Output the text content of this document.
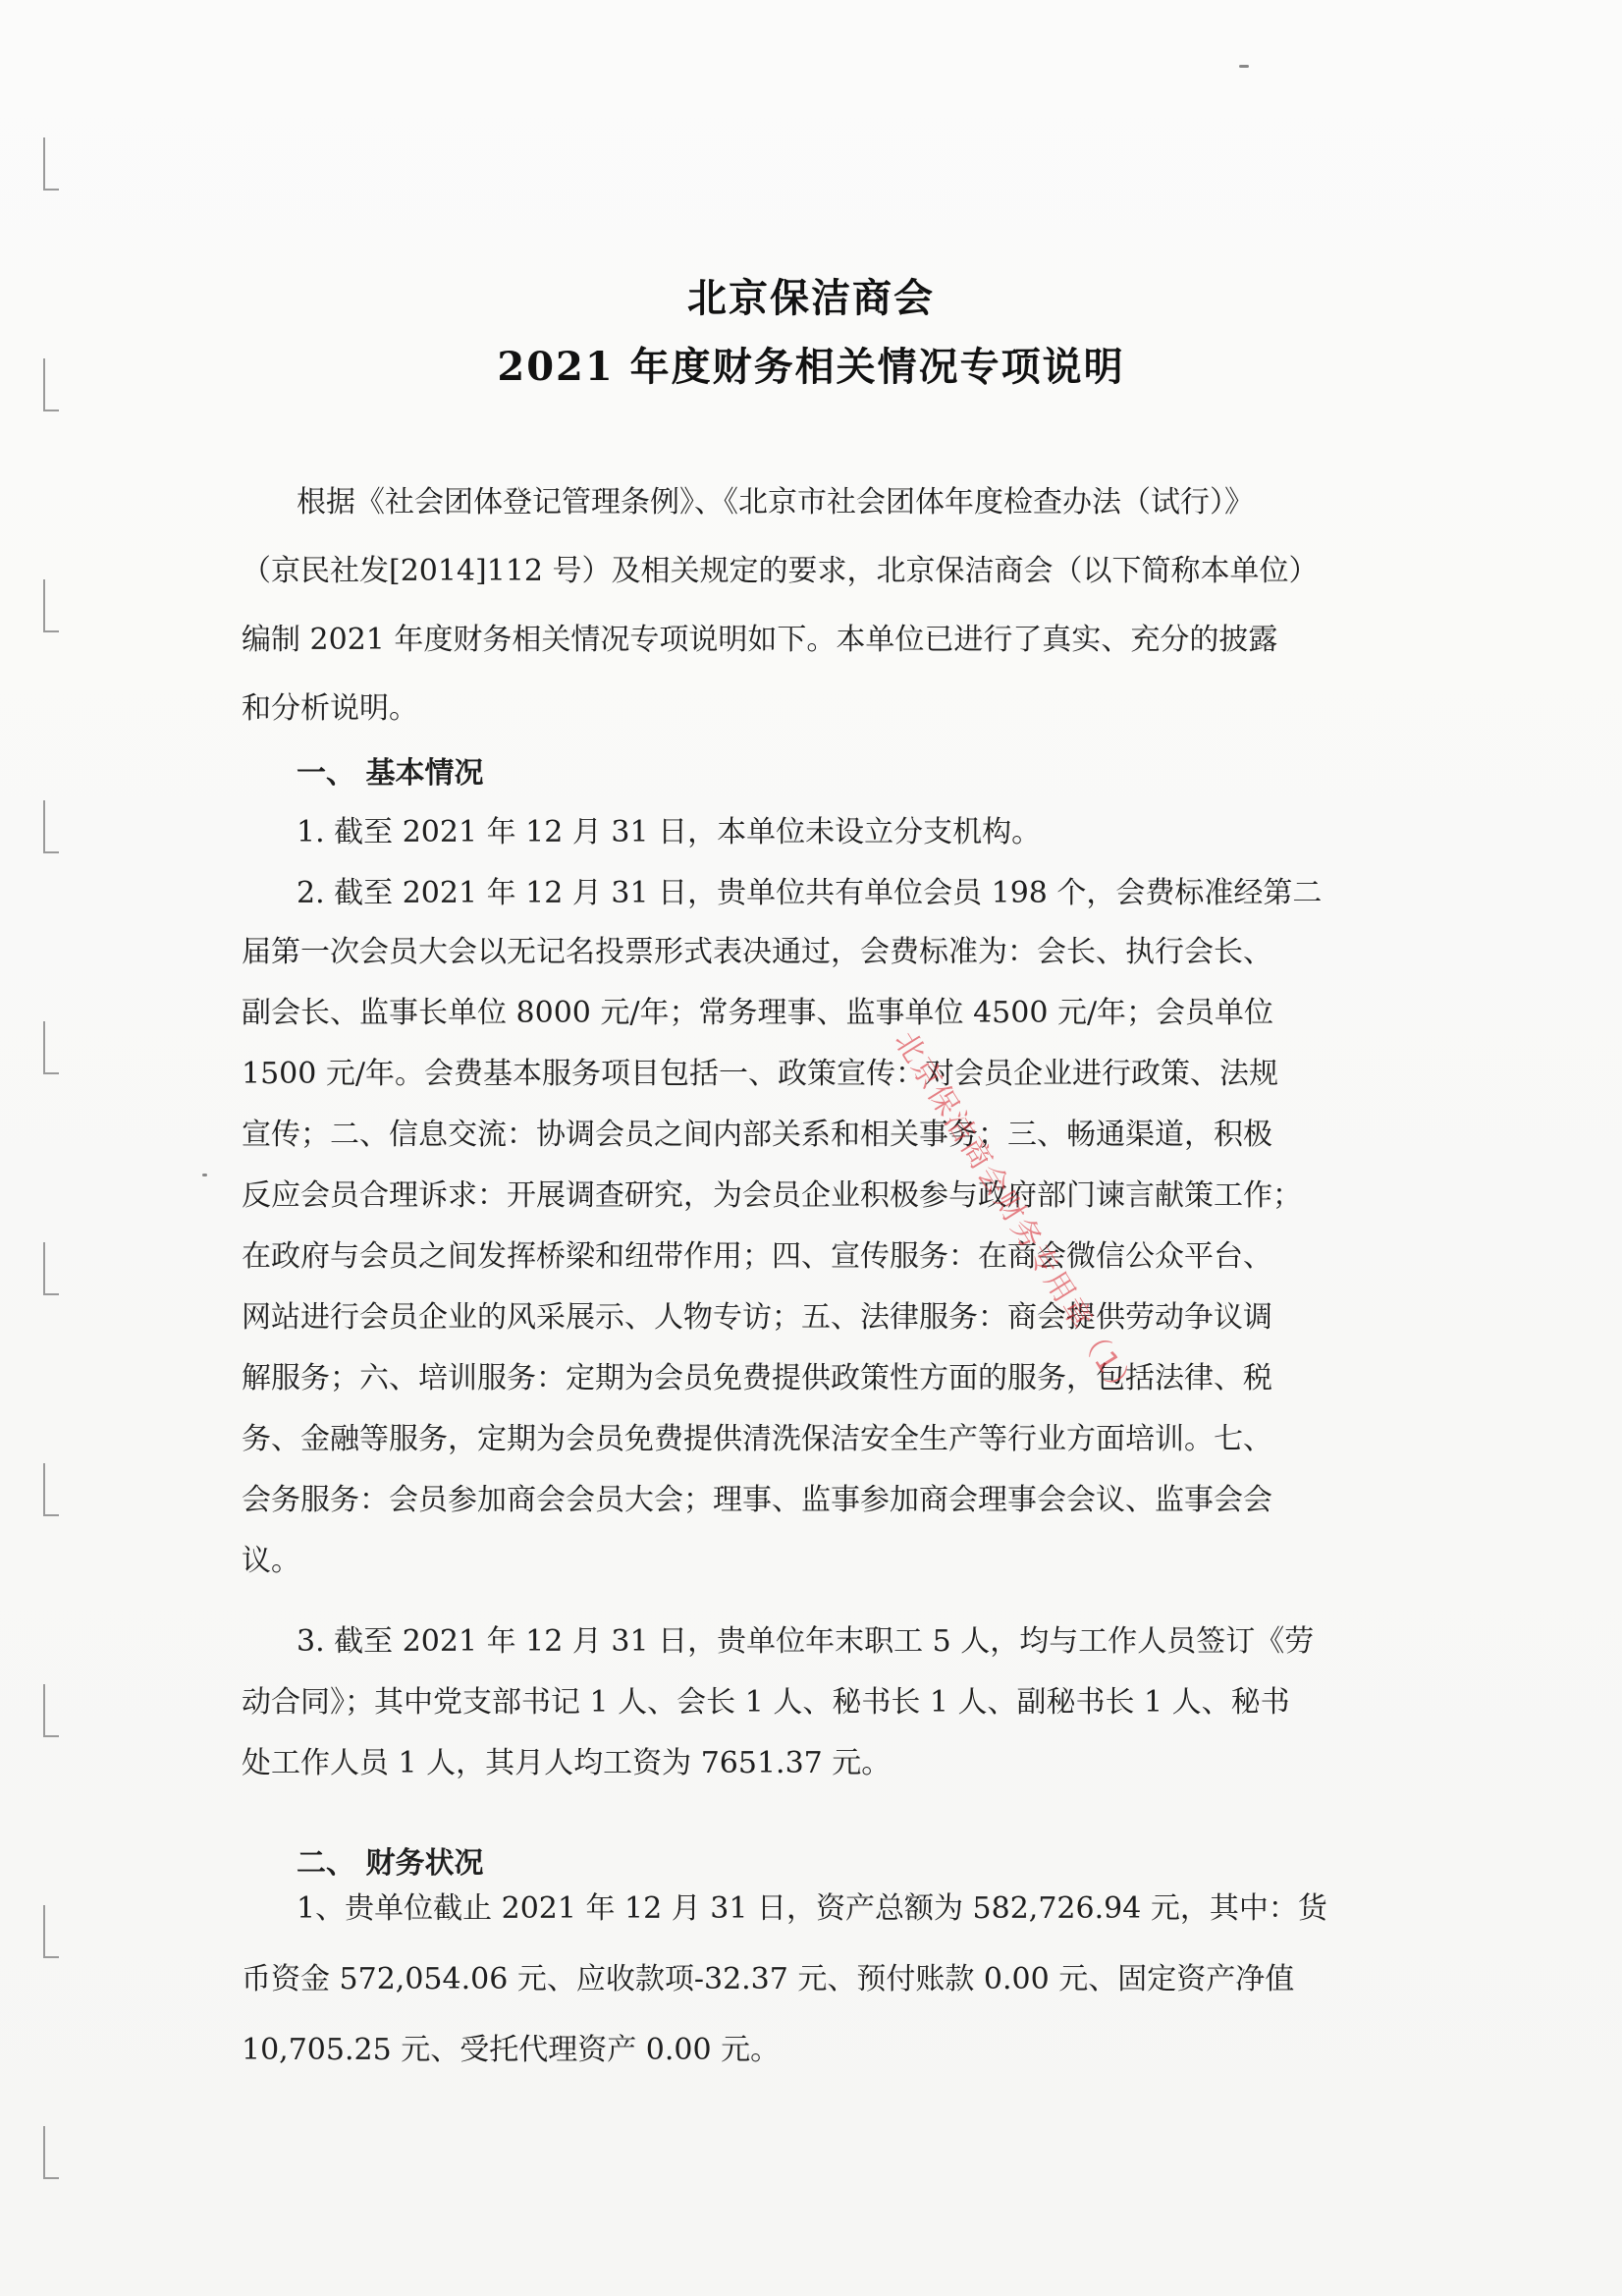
北京保洁商会
2021 年度财务相关情况专项说明
根据《社会团体登记管理条例》、《北京市社会团体年度检查办法（试行）》
（京民社发[2014]112 号）及相关规定的要求，北京保洁商会（以下简称本单位）
编制 2021 年度财务相关情况专项说明如下。本单位已进行了真实、充分的披露
和分析说明。
一、 基本情况
1. 截至 2021 年 12 月 31 日，本单位未设立分支机构。
2. 截至 2021 年 12 月 31 日，贵单位共有单位会员 198 个，会费标准经第二
届第一次会员大会以无记名投票形式表决通过，会费标准为：会长、执行会长、
副会长、监事长单位 8000 元/年；常务理事、监事单位 4500 元/年；会员单位
1500 元/年。会费基本服务项目包括一、政策宣传：对会员企业进行政策、法规
宣传；二、信息交流：协调会员之间内部关系和相关事务；三、畅通渠道，积极
反应会员合理诉求：开展调查研究，为会员企业积极参与政府部门谏言献策工作；
在政府与会员之间发挥桥梁和纽带作用；四、宣传服务：在商会微信公众平台、
网站进行会员企业的风采展示、人物专访；五、法律服务：商会提供劳动争议调
解服务；六、培训服务：定期为会员免费提供政策性方面的服务，包括法律、税
务、金融等服务，定期为会员免费提供清洗保洁安全生产等行业方面培训。七、
会务服务：会员参加商会会员大会；理事、监事参加商会理事会会议、监事会会
议。
3. 截至 2021 年 12 月 31 日，贵单位年末职工 5 人，均与工作人员签订《劳
动合同》；其中党支部书记 1 人、会长 1 人、秘书长 1 人、副秘书长 1 人、秘书
处工作人员 1 人，其月人均工资为 7651.37 元。
二、 财务状况
1、贵单位截止 2021 年 12 月 31 日，资产总额为 582,726.94 元，其中：货
币资金 572,054.06 元、应收款项-32.37 元、预付账款 0.00 元、固定资产净值
10,705.25 元、受托代理资产 0.00 元。
北京保洁商会财务专用章（1）
